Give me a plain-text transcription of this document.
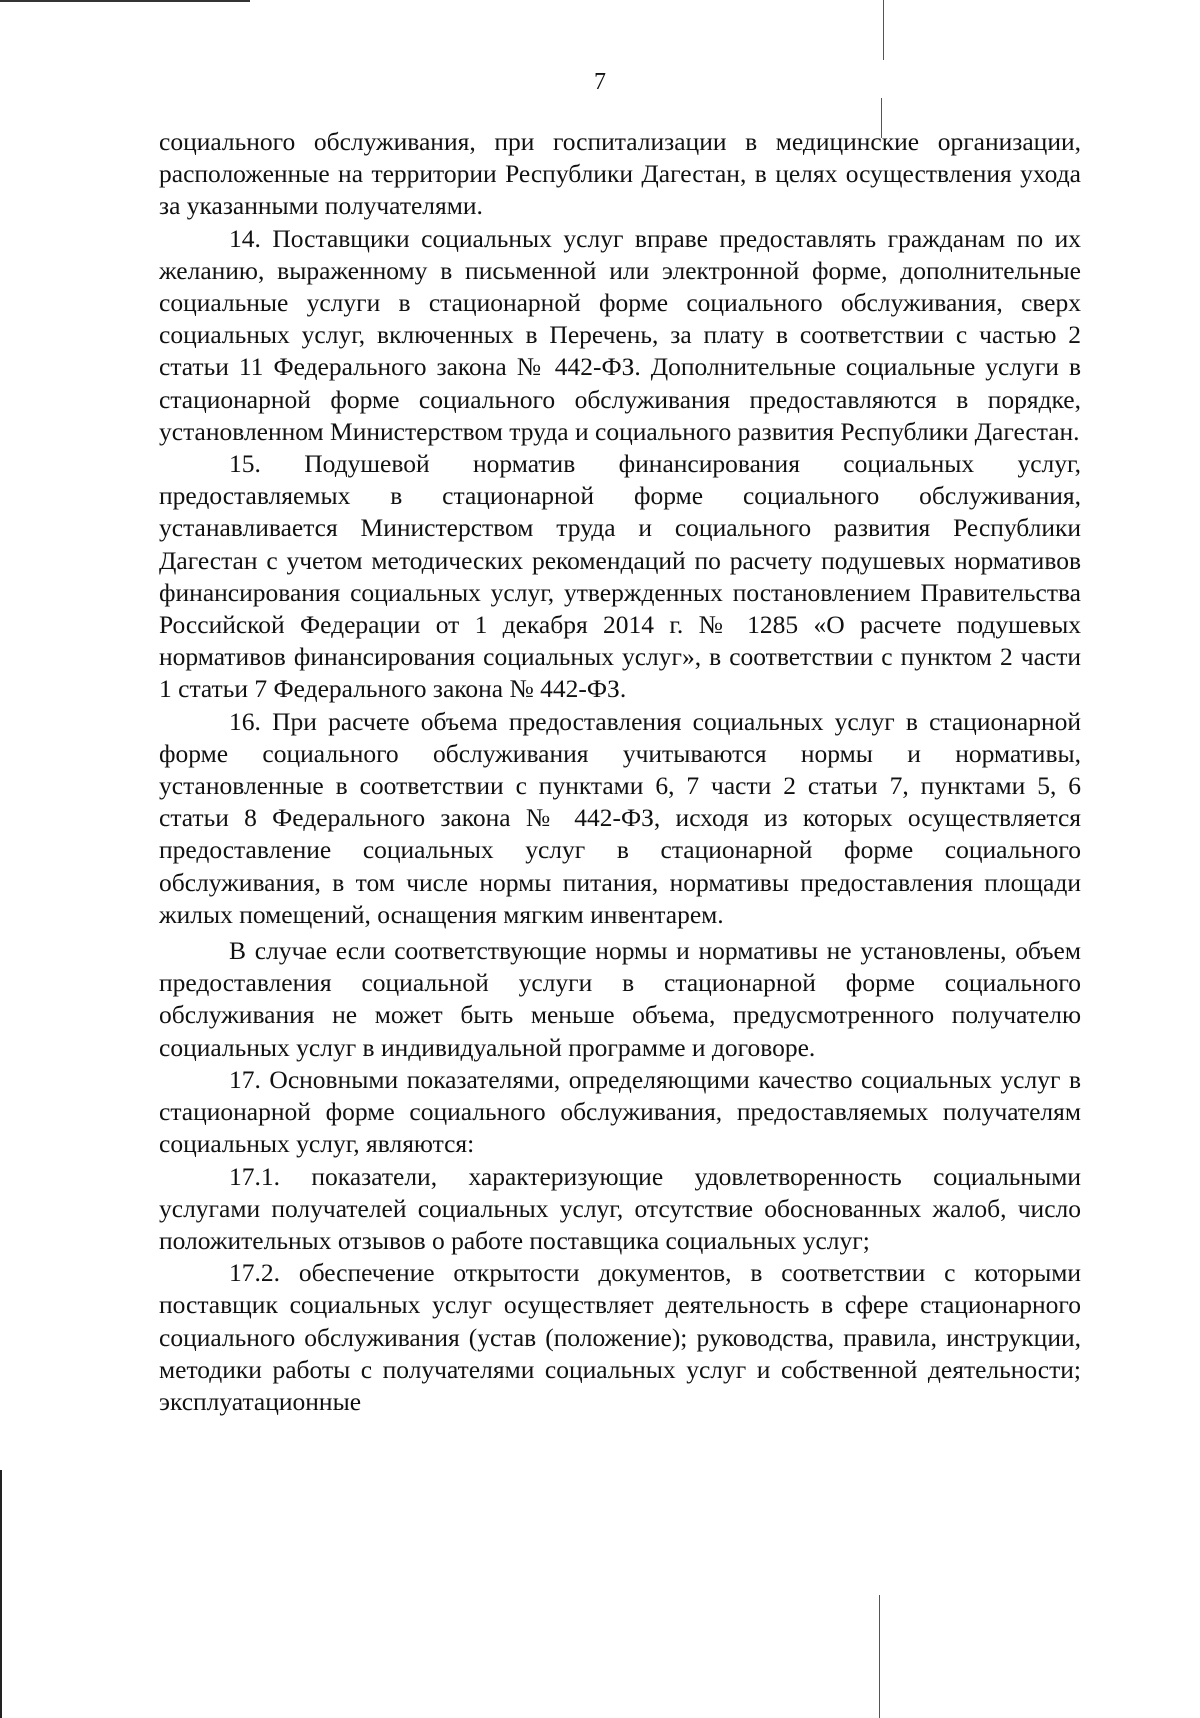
7

социального обслуживания, при госпитализации в медицинские организации, расположенные на территории Республики Дагестан, в целях осуществления ухода за указанными получателями.

14. Поставщики социальных услуг вправе предоставлять гражданам по их желанию, выраженному в письменной или электронной форме, дополнительные социальные услуги в стационарной форме социального обслуживания, сверх социальных услуг, включенных в Перечень, за плату в соответствии с частью 2 статьи 11 Федерального закона № 442-ФЗ. Дополнительные социальные услуги в стационарной форме социального обслуживания предоставляются в порядке, установленном Министерством труда и социального развития Республики Дагестан.

15. Подушевой норматив финансирования социальных услуг, предоставляемых в стационарной форме социального обслуживания, устанавливается Министерством труда и социального развития Республики Дагестан с учетом методических рекомендаций по расчету подушевых нормативов финансирования социальных услуг, утвержденных постановлением Правительства Российской Федерации от 1 декабря 2014 г. № 1285 «О расчете подушевых нормативов финансирования социальных услуг», в соответствии с пунктом 2 части 1 статьи 7 Федерального закона № 442-ФЗ.

16. При расчете объема предоставления социальных услуг в стационарной форме социального обслуживания учитываются нормы и нормативы, установленные в соответствии с пунктами 6, 7 части 2 статьи 7, пунктами 5, 6 статьи 8 Федерального закона № 442-ФЗ, исходя из которых осуществляется предоставление социальных услуг в стационарной форме социального обслуживания, в том числе нормы питания, нормативы предоставления площади жилых помещений, оснащения мягким инвентарем.

В случае если соответствующие нормы и нормативы не установлены, объем предоставления социальной услуги в стационарной форме социального обслуживания не может быть меньше объема, предусмотренного получателю социальных услуг в индивидуальной программе и договоре.

17. Основными показателями, определяющими качество социальных услуг в стационарной форме социального обслуживания, предоставляемых получателям социальных услуг, являются:

17.1. показатели, характеризующие удовлетворенность социальными услугами получателей социальных услуг, отсутствие обоснованных жалоб, число положительных отзывов о работе поставщика социальных услуг;

17.2. обеспечение открытости документов, в соответствии с которыми поставщик социальных услуг осуществляет деятельность в сфере стационарного социального обслуживания (устав (положение); руководства, правила, инструкции, методики работы с получателями социальных услуг и собственной деятельности; эксплуатационные
